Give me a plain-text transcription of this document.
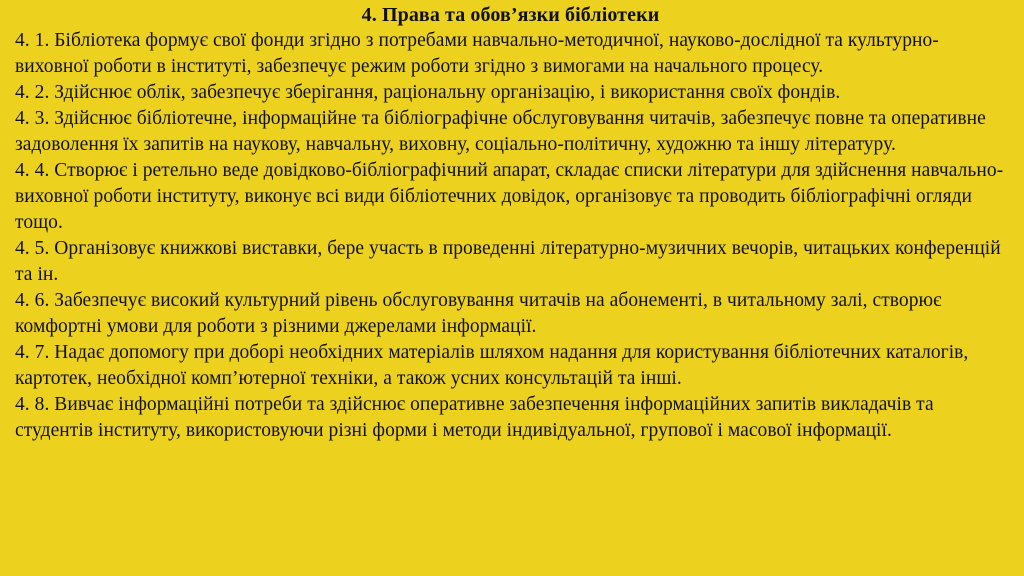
4. Права та обов’язки бібліотеки
4. 1. Бібліотека формує свої фонди згідно з потребами навчально-методичної, науково-дослідної та культурно-виховної роботи в інституті, забезпечує режим роботи згідно з вимогами на начального процесу.
4. 2. Здійснює облік, забезпечує зберігання, раціональну організацію, і використання своїх фондів.
4. 3. Здійснює бібліотечне, інформаційне та бібліографічне обслуговування читачів, забезпечує повне та оперативне задоволення їх запитів на наукову, навчальну, виховну, соціально-політичну, художню та іншу літературу.
4. 4. Створює і ретельно веде довідково-бібліографічний апарат, складає списки літератури для здійснення навчально-виховної роботи інституту, виконує всі види бібліотечних довідок, організовує та проводить бібліографічні огляди тощо.
4. 5. Організовує книжкові виставки, бере участь в проведенні літературно-музичних вечорів, читацьких конференцій та ін.
4. 6. Забезпечує високий культурний рівень обслуговування читачів на абонементі, в читальному залі, створює комфортні умови для роботи з різними джерелами інформації.
4. 7. Надає допомогу при доборі необхідних матеріалів шляхом надання для користування бібліотечних каталогів, картотек, необхідної комп’ютерної техніки, а також усних консультацій та інші.
4. 8. Вивчає інформаційні потреби та здійснює оперативне забезпечення інформаційних запитів викладачів та студентів інституту, використовуючи різні форми і методи індивідуальної, групової і масової інформації.
